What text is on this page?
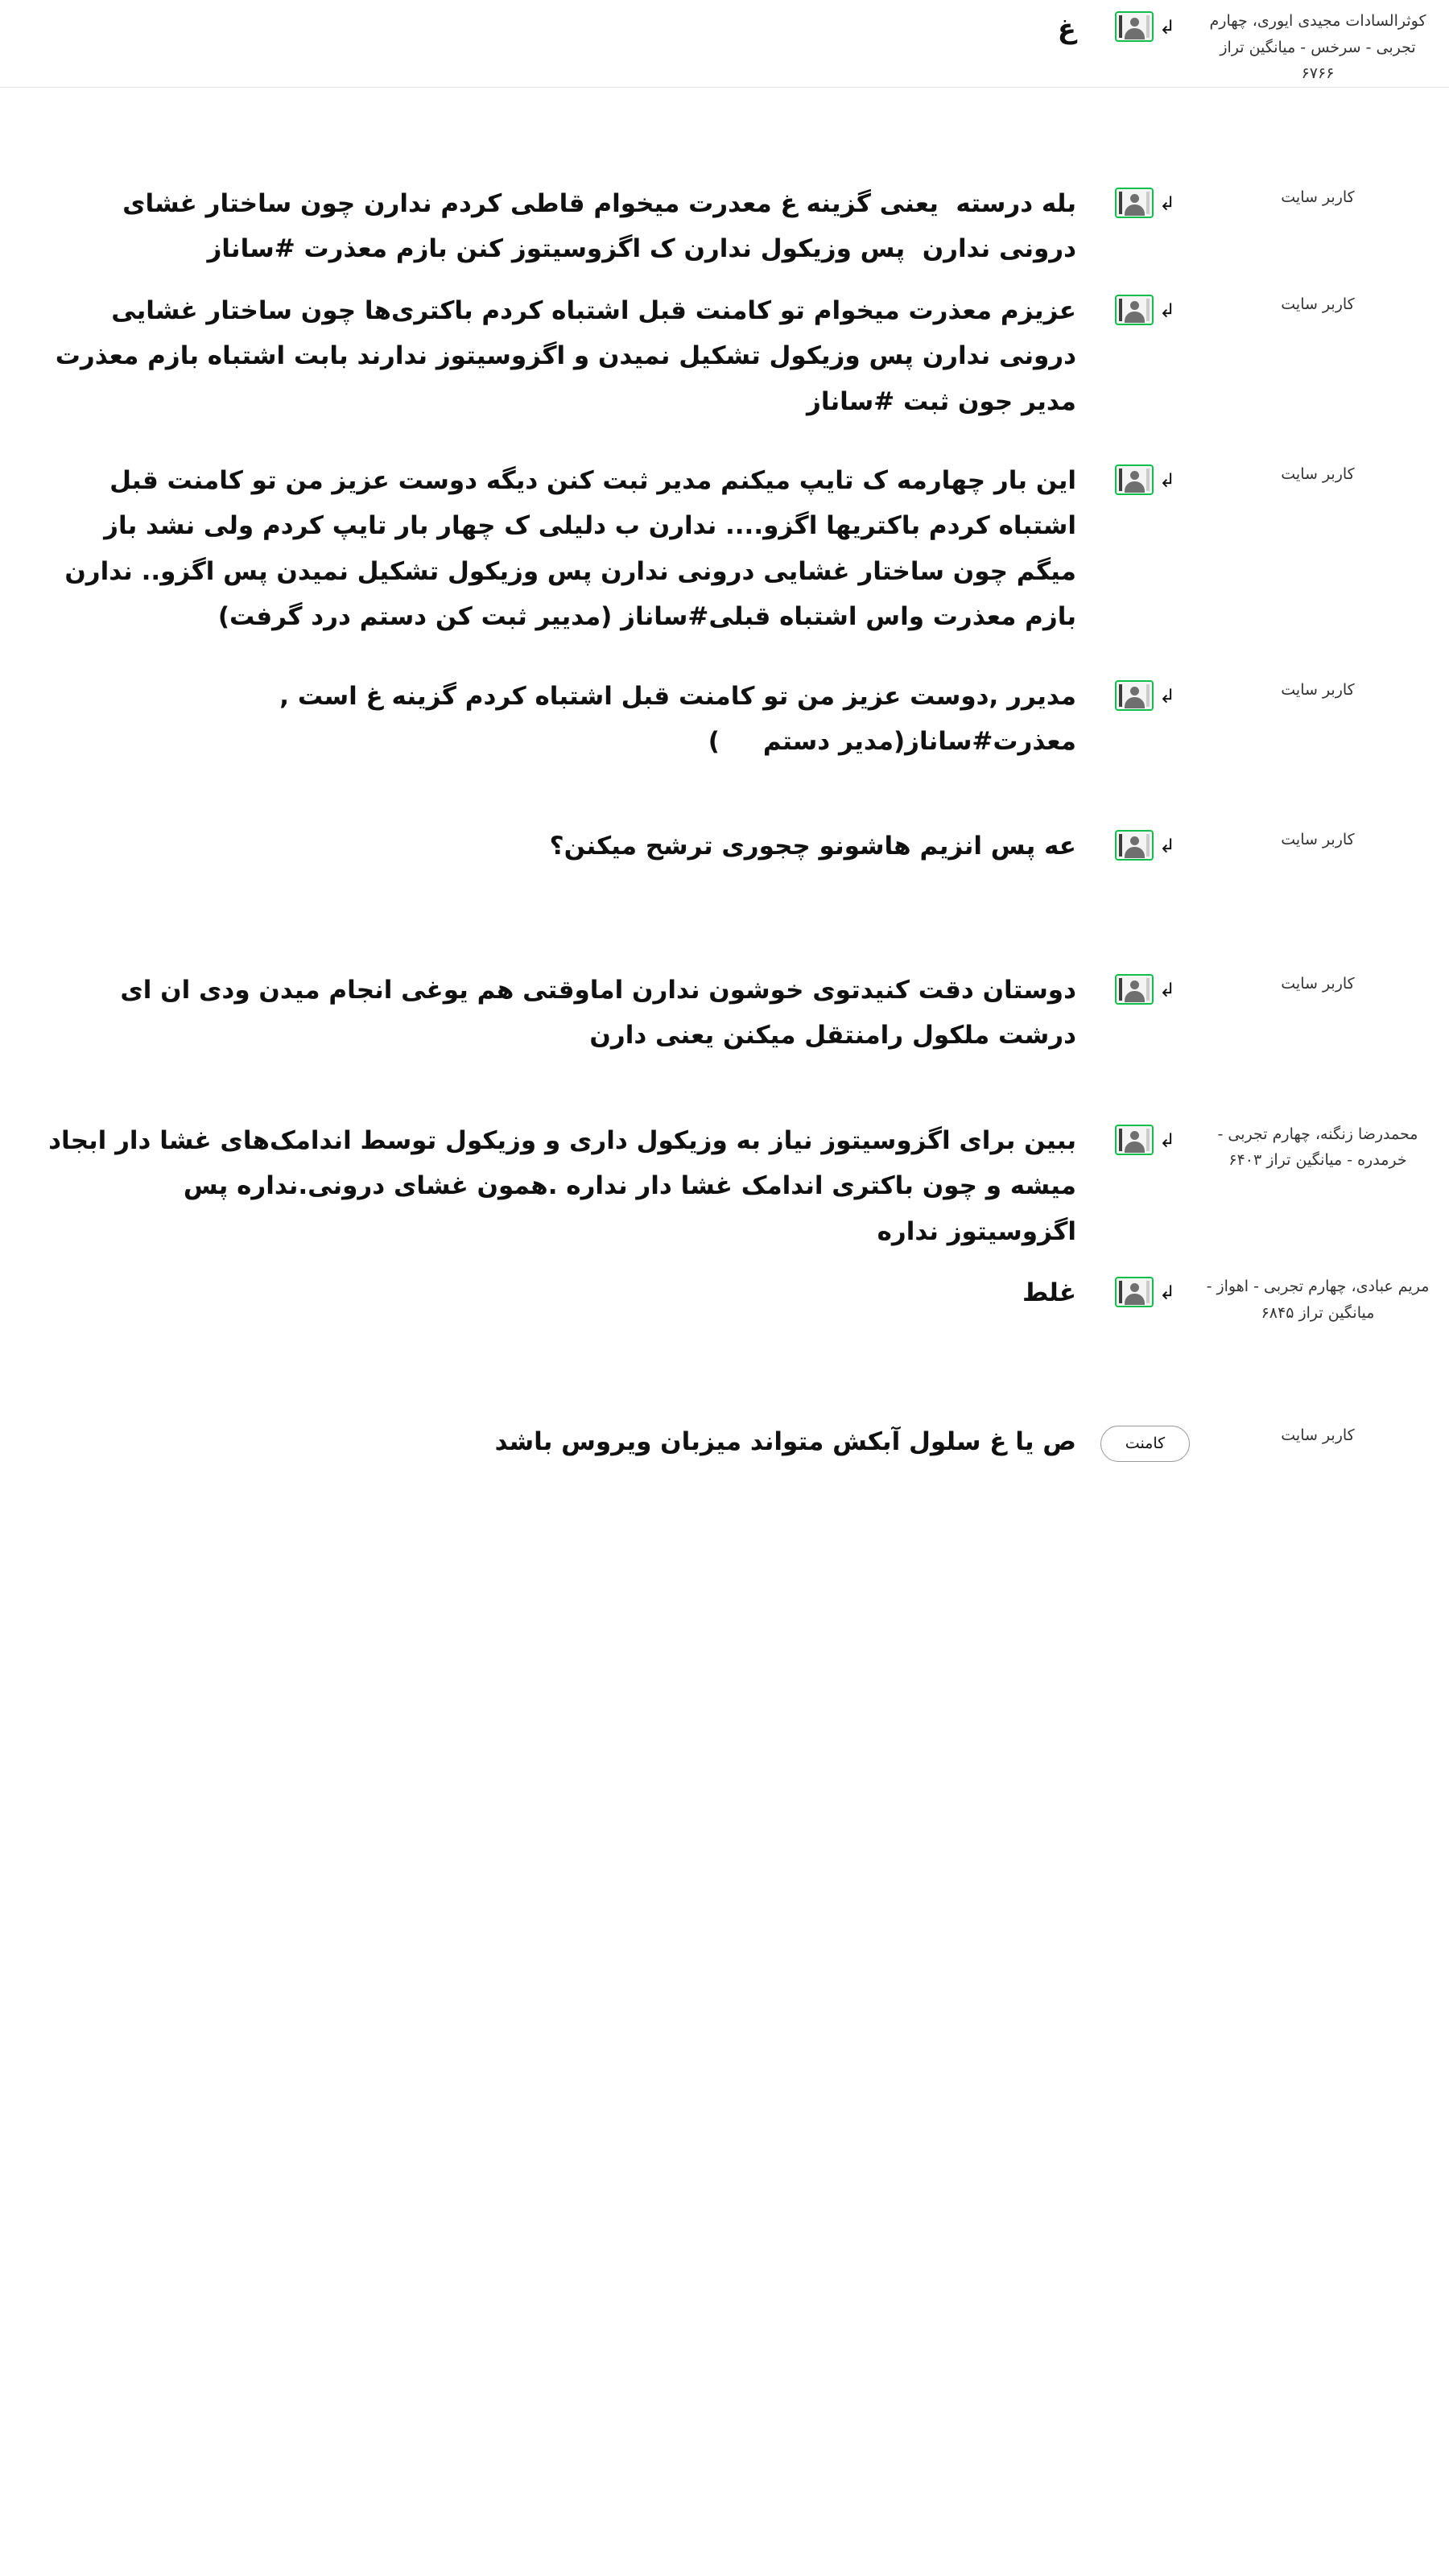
كوثرالسادات مجيدی ايوری، چهارم
تجربی - سرخس - ميانگين تراز
۶۷۶۶
↳

غ

كاربر سايت
↳

بله درسته  يعنی گزينه غ معدرت ميخوام قاطی كردم ندارن چون ساختار غشای درونی ندارن  پس وزيكول ندارن ک اگزوسيتوز كنن بازم معذرت #ساناز

كاربر سايت
↳

عزيزم معذرت ميخوام تو كامنت قبل اشتباه كردم باكتری‌ها چون ساختار غشايی درونی ندارن پس وزيكول تشكيل نميدن و اگزوسيتوز ندارند بابت اشتباه بازم معذرت مدير جون ثبت #ساناز

كاربر سايت
↳

اين بار چهارمه ک تايپ ميكنم مدير ثبت كنن ديگه دوست عزيز من تو كامنت قبل اشتباه كردم باكتريها اگزو.... ندارن ب دليلی ک چهار بار تايپ كردم ولی نشد باز ميگم چون ساختار غشايی درونی ندارن پس وزيكول تشكيل نميدن پس اگزو.. ندارن بازم معذرت واس اشتباه قبلی#ساناز (مديير ثبت كن دستم درد گرفت)

كاربر سايت
↳

مديرر ,دوست عزيز من تو كامنت قبل اشتباه كردم گزينه غ است , معذرت#ساناز(مدير دستم     )

كاربر سايت
↳

عه پس انزيم هاشونو چجوری ترشح ميكنن؟

كاربر سايت
↳

دوستان دقت كنيدتوی خوشون ندارن اماوقتی هم يوغی انجام ميدن ودی ان ای درشت ملكول رامنتقل ميكنن يعنی دارن

محمدرضا زنگنه، چهارم تجربی -
خرمدره - ميانگين تراز ۶۴۰۳
↳

ببين برای اگزوسيتوز نياز به وزيكول داری و وزيكول توسط اندامک‌های غشا دار ابجاد ميشه و چون باكتری اندامک غشا دار نداره .همون غشای درونی.نداره پس اگزوسيتوز نداره

مريم عبادی، چهارم تجربی - اهواز -
ميانگين تراز ۶۸۴۵
↳

غلط

كاربر سايت
كامنت

ص يا غ سلول آبكش متواند ميزبان ويروس باشد
